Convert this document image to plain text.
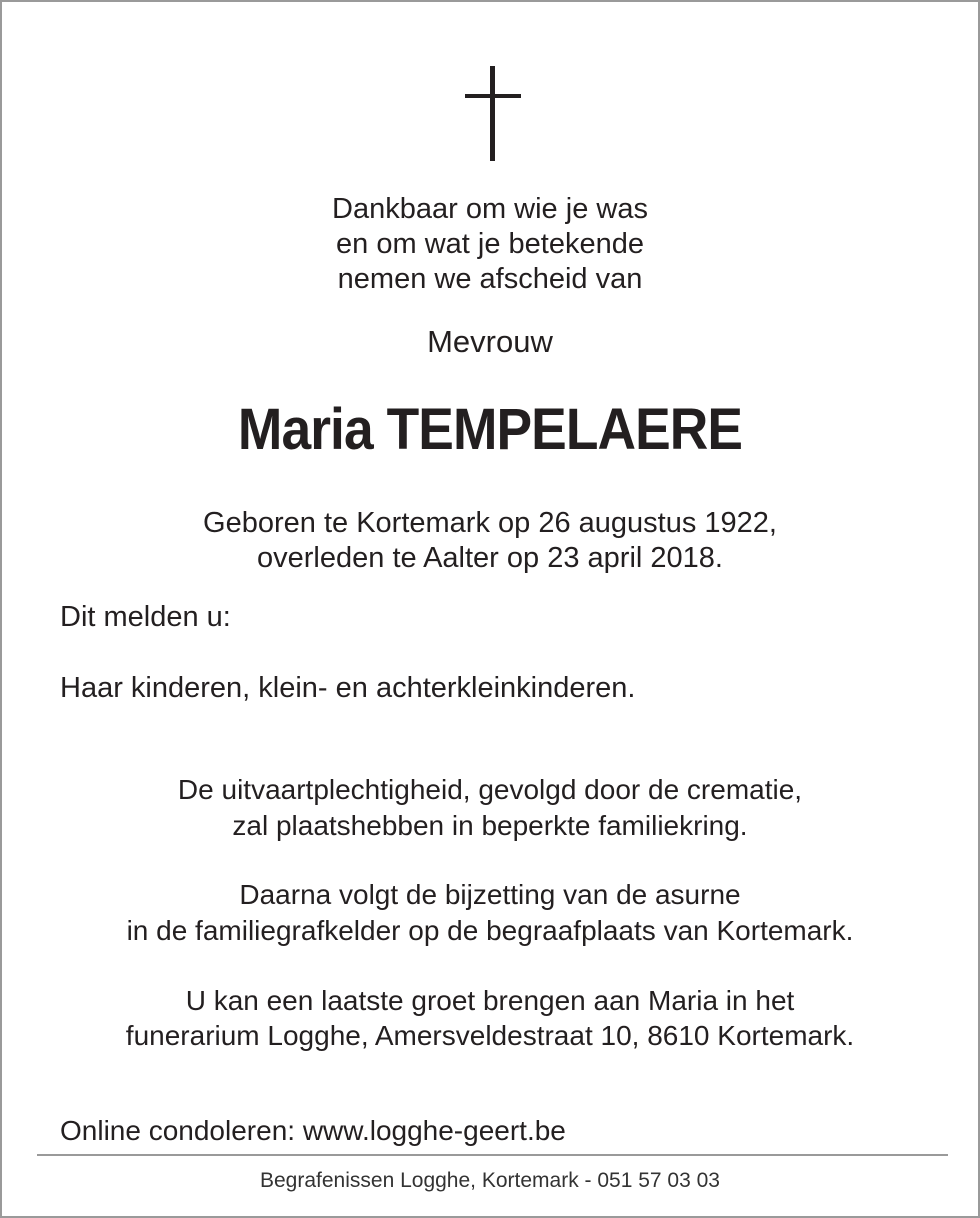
Dankbaar om wie je was
en om wat je betekende
nemen we afscheid van
Mevrouw
Maria TEMPELAERE
Geboren te Kortemark op 26 augustus 1922,
overleden te Aalter op 23 april 2018.
Dit melden u:
Haar kinderen, klein- en achterkleinkinderen.
De uitvaartplechtigheid, gevolgd door de crematie,
zal plaatshebben in beperkte familiekring.
Daarna volgt de bijzetting van de asurne
in de familiegrafkelder op de begraafplaats van Kortemark.
U kan een laatste groet brengen aan Maria in het
funerarium Logghe, Amersveldestraat 10, 8610 Kortemark.
Online condoleren: www.logghe-geert.be
Begrafenissen Logghe, Kortemark - 051 57 03 03
